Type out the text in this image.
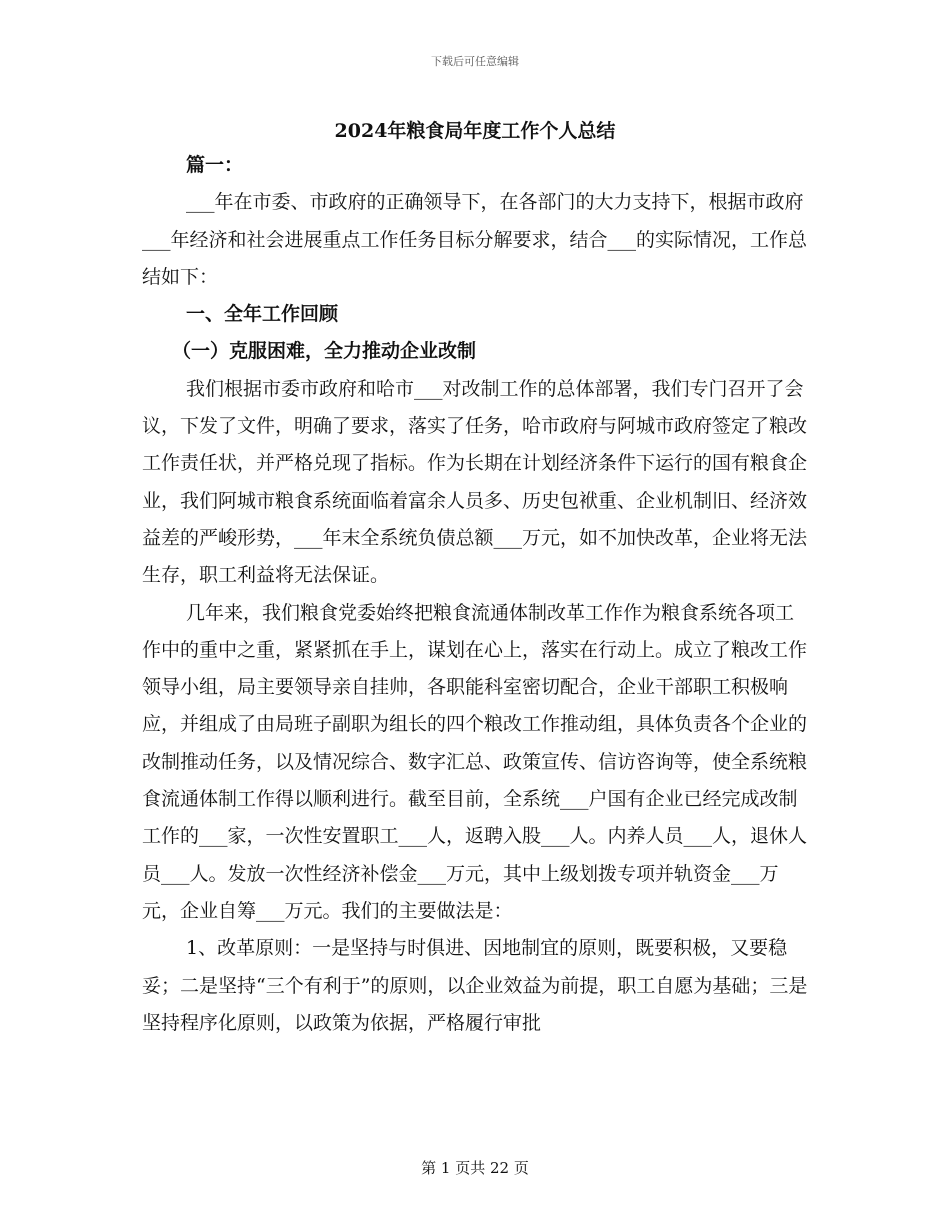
下载后可任意编辑
2024年粮食局年度工作个人总结

篇一：

___年在市委、市政府的正确领导下，在各部门的大力支持下，根据市政府___年经济和社会进展重点工作任务目标分解要求，结合___的实际情况，工作总结如下：

一、全年工作回顾

（一）克服困难，全力推动企业改制

我们根据市委市政府和哈市___对改制工作的总体部署，我们专门召开了会议，下发了文件，明确了要求，落实了任务，哈市政府与阿城市政府签定了粮改工作责任状，并严格兑现了指标。作为长期在计划经济条件下运行的国有粮食企业，我们阿城市粮食系统面临着富余人员多、历史包袱重、企业机制旧、经济效益差的严峻形势，___年末全系统负债总额___万元，如不加快改革，企业将无法生存，职工利益将无法保证。

几年来，我们粮食党委始终把粮食流通体制改革工作作为粮食系统各项工作中的重中之重，紧紧抓在手上，谋划在心上，落实在行动上。成立了粮改工作领导小组，局主要领导亲自挂帅，各职能科室密切配合，企业干部职工积极响应，并组成了由局班子副职为组长的四个粮改工作推动组，具体负责各个企业的改制推动任务，以及情况综合、数字汇总、政策宣传、信访咨询等，使全系统粮食流通体制工作得以顺利进行。截至目前，全系统___户国有企业已经完成改制工作的___家，一次性安置职工___人，返聘入股___人。内养人员___人，退休人员___人。发放一次性经济补偿金___万元，其中上级划拨专项并轨资金___万元，企业自筹___万元。我们的主要做法是：

1、改革原则：一是坚持与时俱进、因地制宜的原则，既要积极，又要稳妥；二是坚持“三个有利于”的原则，以企业效益为前提，职工自愿为基础；三是坚持程序化原则，以政策为依据，严格履行审批

第 1 页共 22 页
